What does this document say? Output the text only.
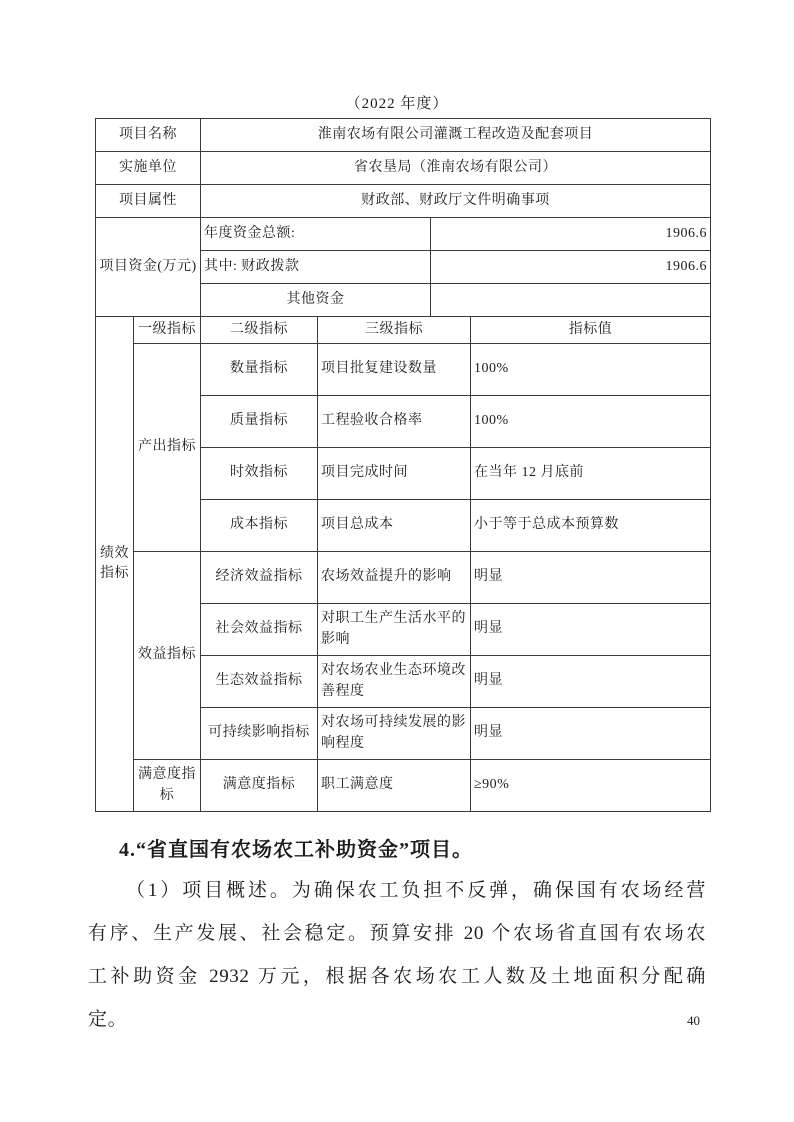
（2022 年度）
项目名称		淮南农场有限公司灌溉工程改造及配套项目			
实施单位		省农垦局（淮南农场有限公司）			
项目属性		财政部、财政厅文件明确事项			
项目资金(万元)		年度资金总额:		1906.6	
		其中: 财政拨款		1906.6	
		其他资金			
绩效指标	一级指标	二级指标	三级指标		指标值
	产出指标	数量指标	项目批复建设数量		100%
		质量指标	工程验收合格率		100%
		时效指标	项目完成时间		在当年 12 月底前
		成本指标	项目总成本		小于等于总成本预算数
	效益指标	经济效益指标	农场效益提升的影响		明显
		社会效益指标	对职工生产生活水平的影响		明显
		生态效益指标	对农场农业生态环境改善程度		明显
		可持续影响指标	对农场可持续发展的影响程度		明显
	满意度指标	满意度指标	职工满意度		≥90%
4.“省直国有农场农工补助资金”项目。
（1）项目概述。为确保农工负担不反弹，确保国有农场经营
有序、生产发展、社会稳定。预算安排 20 个农场省直国有农场农
工补助资金 2932 万元，根据各农场农工人数及土地面积分配确
定。	40
